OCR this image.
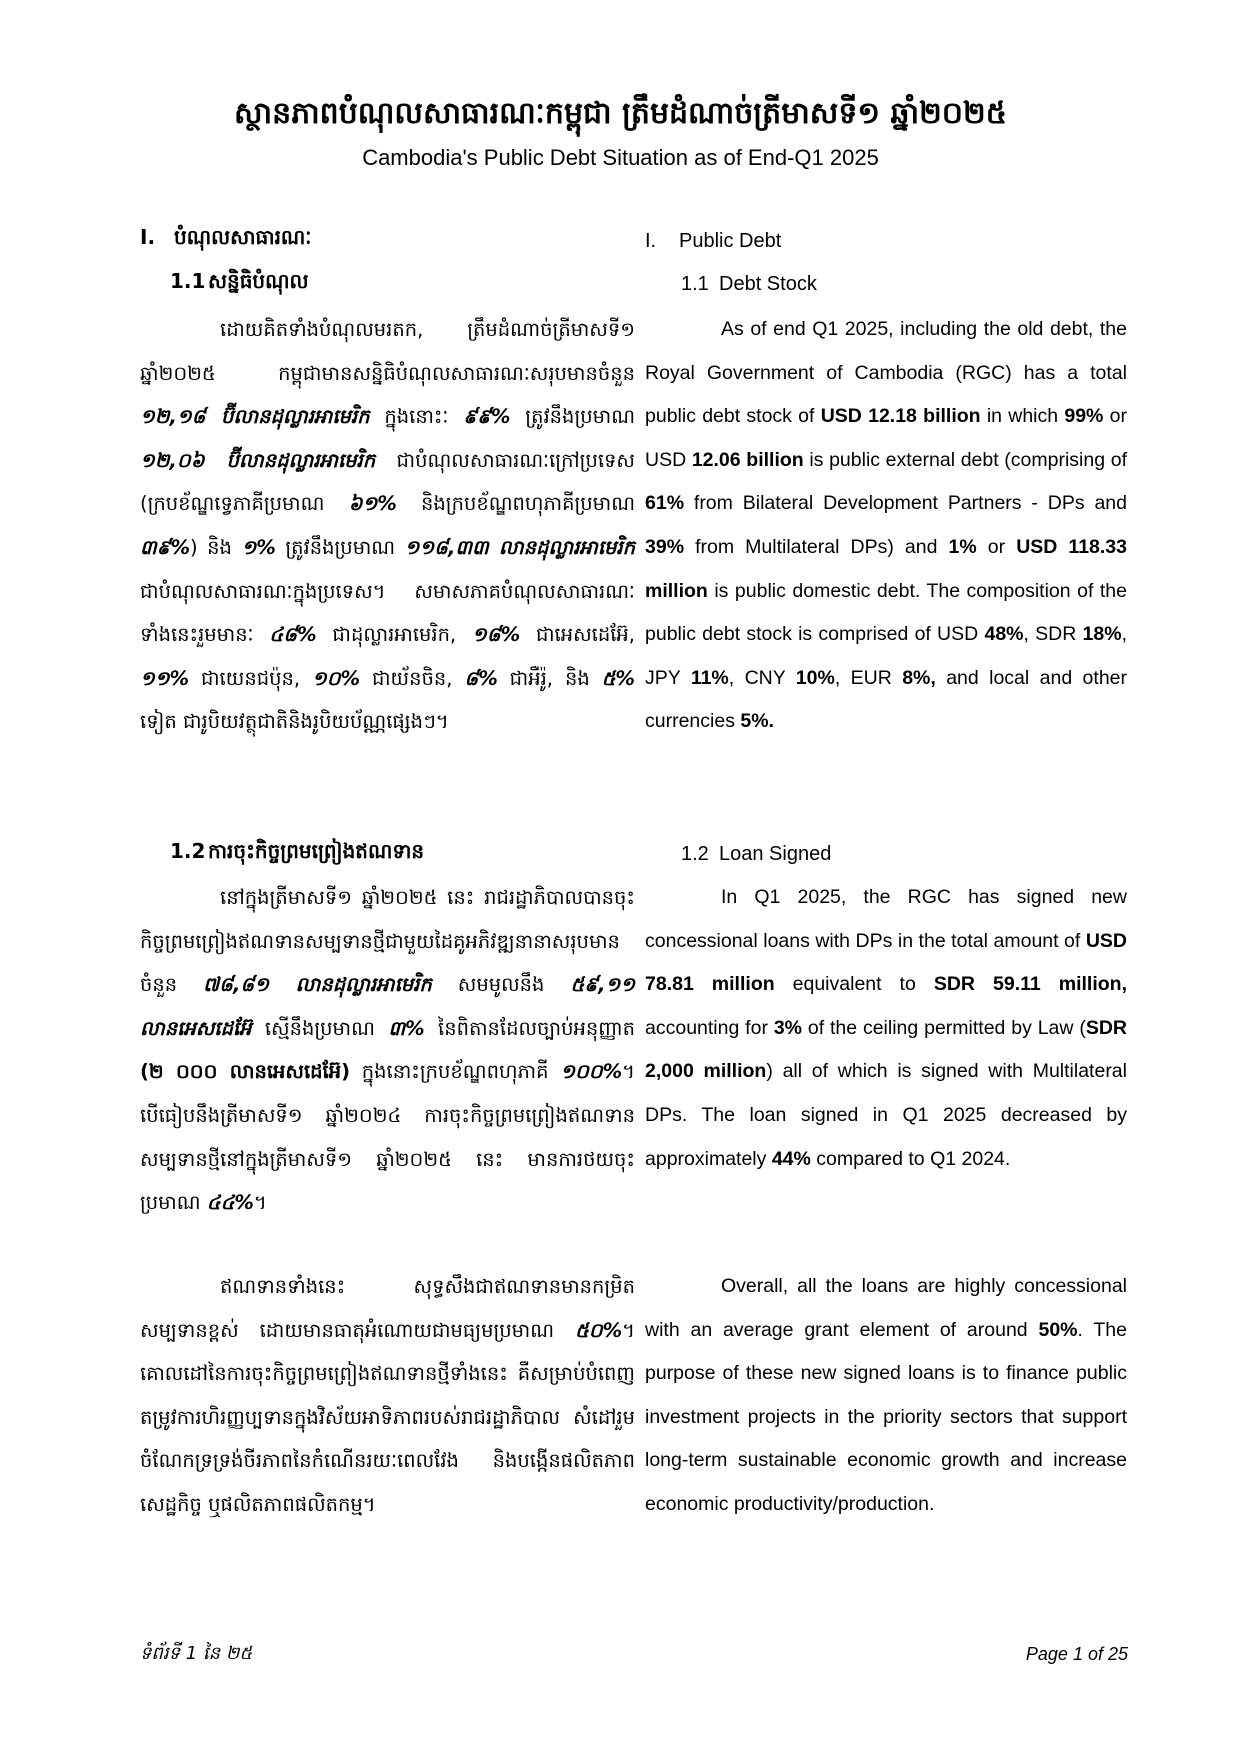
ស្ថានភាពបំណុលសាធារណៈកម្ពុជា ត្រឹមដំណាច់ត្រីមាសទី១ ឆ្នាំ២០២៥
Cambodia's Public Debt Situation as of End-Q1 2025
I. បំណុលសាធារណៈ
1.1 សន្និធិបំណុល

ដោយគិតទាំងបំណុលមរតក, ត្រឹមដំណាច់ត្រីមាសទី១ ឆ្នាំ២០២៥ កម្ពុជាមានសន្និធិបំណុលសាធារណៈសរុបមានចំនួន ១២,១៨ ប៊ីលានដុល្លារអាមេរិក ក្នុងនោះៈ ៩៩% ត្រូវនឹងប្រមាណ ១២,០៦ ប៊ីលានដុល្លារអាមេរិក ជាបំណុលសាធារណៈក្រៅប្រទេស (ក្របខ័ណ្ឌទ្វេភាគីប្រមាណ ៦១% និងក្របខ័ណ្ឌពហុភាគីប្រមាណ ៣៩%) និង ១% ត្រូវនឹងប្រមាណ ១១៨,៣៣ លានដុល្លារអាមេរិក ជាបំណុលសាធារណៈក្នុងប្រទេស។ សមាសភាគបំណុលសាធារណៈទាំងនេះរួមមានៈ ៤៨% ជាដុល្លារអាមេរិក, ១៨% ជាអេសដេអ៊ែ, ១១% ជាយេនជប៉ុន, ១០% ជាយ័នចិន, ៨% ជាអឺរ៉ូ, និង ៥% ទៀត ជារូបិយវត្ថុជាតិនិងរូបិយប័ណ្ណផ្សេងៗ។

1.2 ការចុះកិច្ចព្រមព្រៀងឥណទាន

នៅក្នុងត្រីមាសទី១ ឆ្នាំ២០២៥ នេះ រាជរដ្ឋាភិបាលបានចុះកិច្ចព្រមព្រៀងឥណទានសម្បទានថ្មីជាមួយដៃគូអភិវឌ្ឍនានាសរុបមានចំនួន ៧៨,៨១ លានដុល្លារអាមេរិក សមមូលនឹង ៥៩,១១ លានអេសដេអ៊ែ ស្មើនឹងប្រមាណ ៣% នៃពិតានដែលច្បាប់អនុញ្ញាត (២ ០០០ លានអេសដេអ៊ែ) ក្នុងនោះក្របខ័ណ្ឌពហុភាគី ១០០%។ បើធៀបនឹងត្រីមាសទី១ ឆ្នាំ២០២៤ ការចុះកិច្ចព្រមព្រៀងឥណទានសម្បទានថ្មីនៅក្នុងត្រីមាសទី១ ឆ្នាំ២០២៥ នេះ មានការថយចុះប្រមាណ ៤៤%។

ឥណទានទាំងនេះ សុទ្ធសឹងជាឥណទានមានកម្រិតសម្បទានខ្ពស់ ដោយមានធាតុអំណោយជាមធ្យមប្រមាណ ៥០%។ គោលដៅនៃការចុះកិច្ចព្រមព្រៀងឥណទានថ្មីទាំងនេះ គឺសម្រាប់បំពេញតម្រូវការហិរញ្ញប្បទានក្នុងវិស័យអាទិភាពរបស់រាជរដ្ឋាភិបាល សំដៅរួមចំណែកទ្រទ្រង់ចីរភាពនៃកំណើនរយៈពេលវែង និងបង្កើនផលិតភាព សេដ្ឋកិច្ច ឬផលិតភាពផលិតកម្ម។

I. Public Debt
1.1 Debt Stock

As of end Q1 2025, including the old debt, the Royal Government of Cambodia (RGC) has a total public debt stock of USD 12.18 billion in which 99% or USD 12.06 billion is public external debt (comprising of 61% from Bilateral Development Partners - DPs and 39% from Multilateral DPs) and 1% or USD 118.33 million is public domestic debt. The composition of the public debt stock is comprised of USD 48%, SDR 18%, JPY 11%, CNY 10%, EUR 8%, and local and other currencies 5%.

1.2 Loan Signed

In Q1 2025, the RGC has signed new concessional loans with DPs in the total amount of USD 78.81 million equivalent to SDR 59.11 million, accounting for 3% of the ceiling permitted by Law (SDR 2,000 million) all of which is signed with Multilateral DPs. The loan signed in Q1 2025 decreased by approximately 44% compared to Q1 2024.

Overall, all the loans are highly concessional with an average grant element of around 50%. The purpose of these new signed loans is to finance public investment projects in the priority sectors that support long-term sustainable economic growth and increase economic productivity/production.

ទំព័រទី 1 នៃ ២៥	Page 1 of 25
